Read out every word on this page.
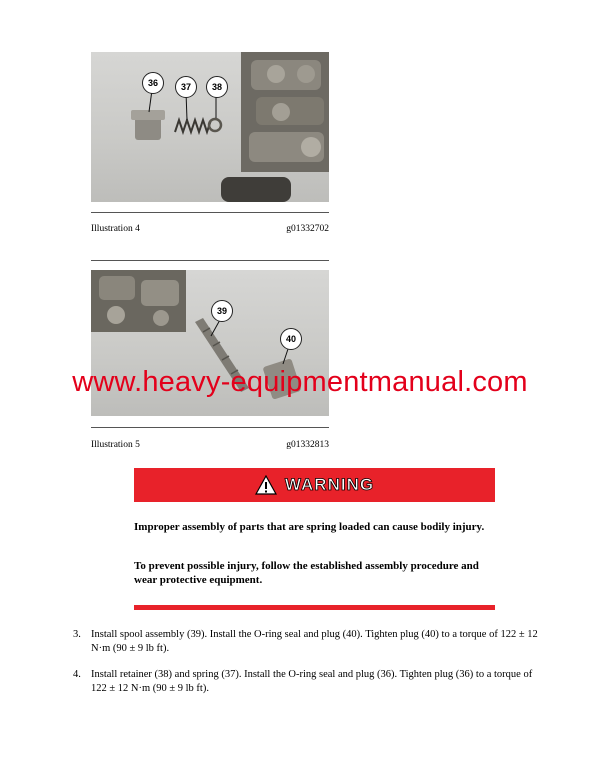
36	37	38
Illustration 4	g01332702
39
40
Illustration 5	g01332813
www.heavy-equipmentmanual.com
WARNING
Improper assembly of parts that are spring loaded can cause bodily injury.
To prevent possible injury, follow the established assembly procedure and wear protective equipment.
3. Install spool assembly (39). Install the O-ring seal and plug (40). Tighten plug (40) to a torque of 122 ± 12 N·m (90 ± 9 lb ft).
4. Install retainer (38) and spring (37). Install the O-ring seal and plug (36). Tighten plug (36) to a torque of 122 ± 12 N·m (90 ± 9 lb ft).
